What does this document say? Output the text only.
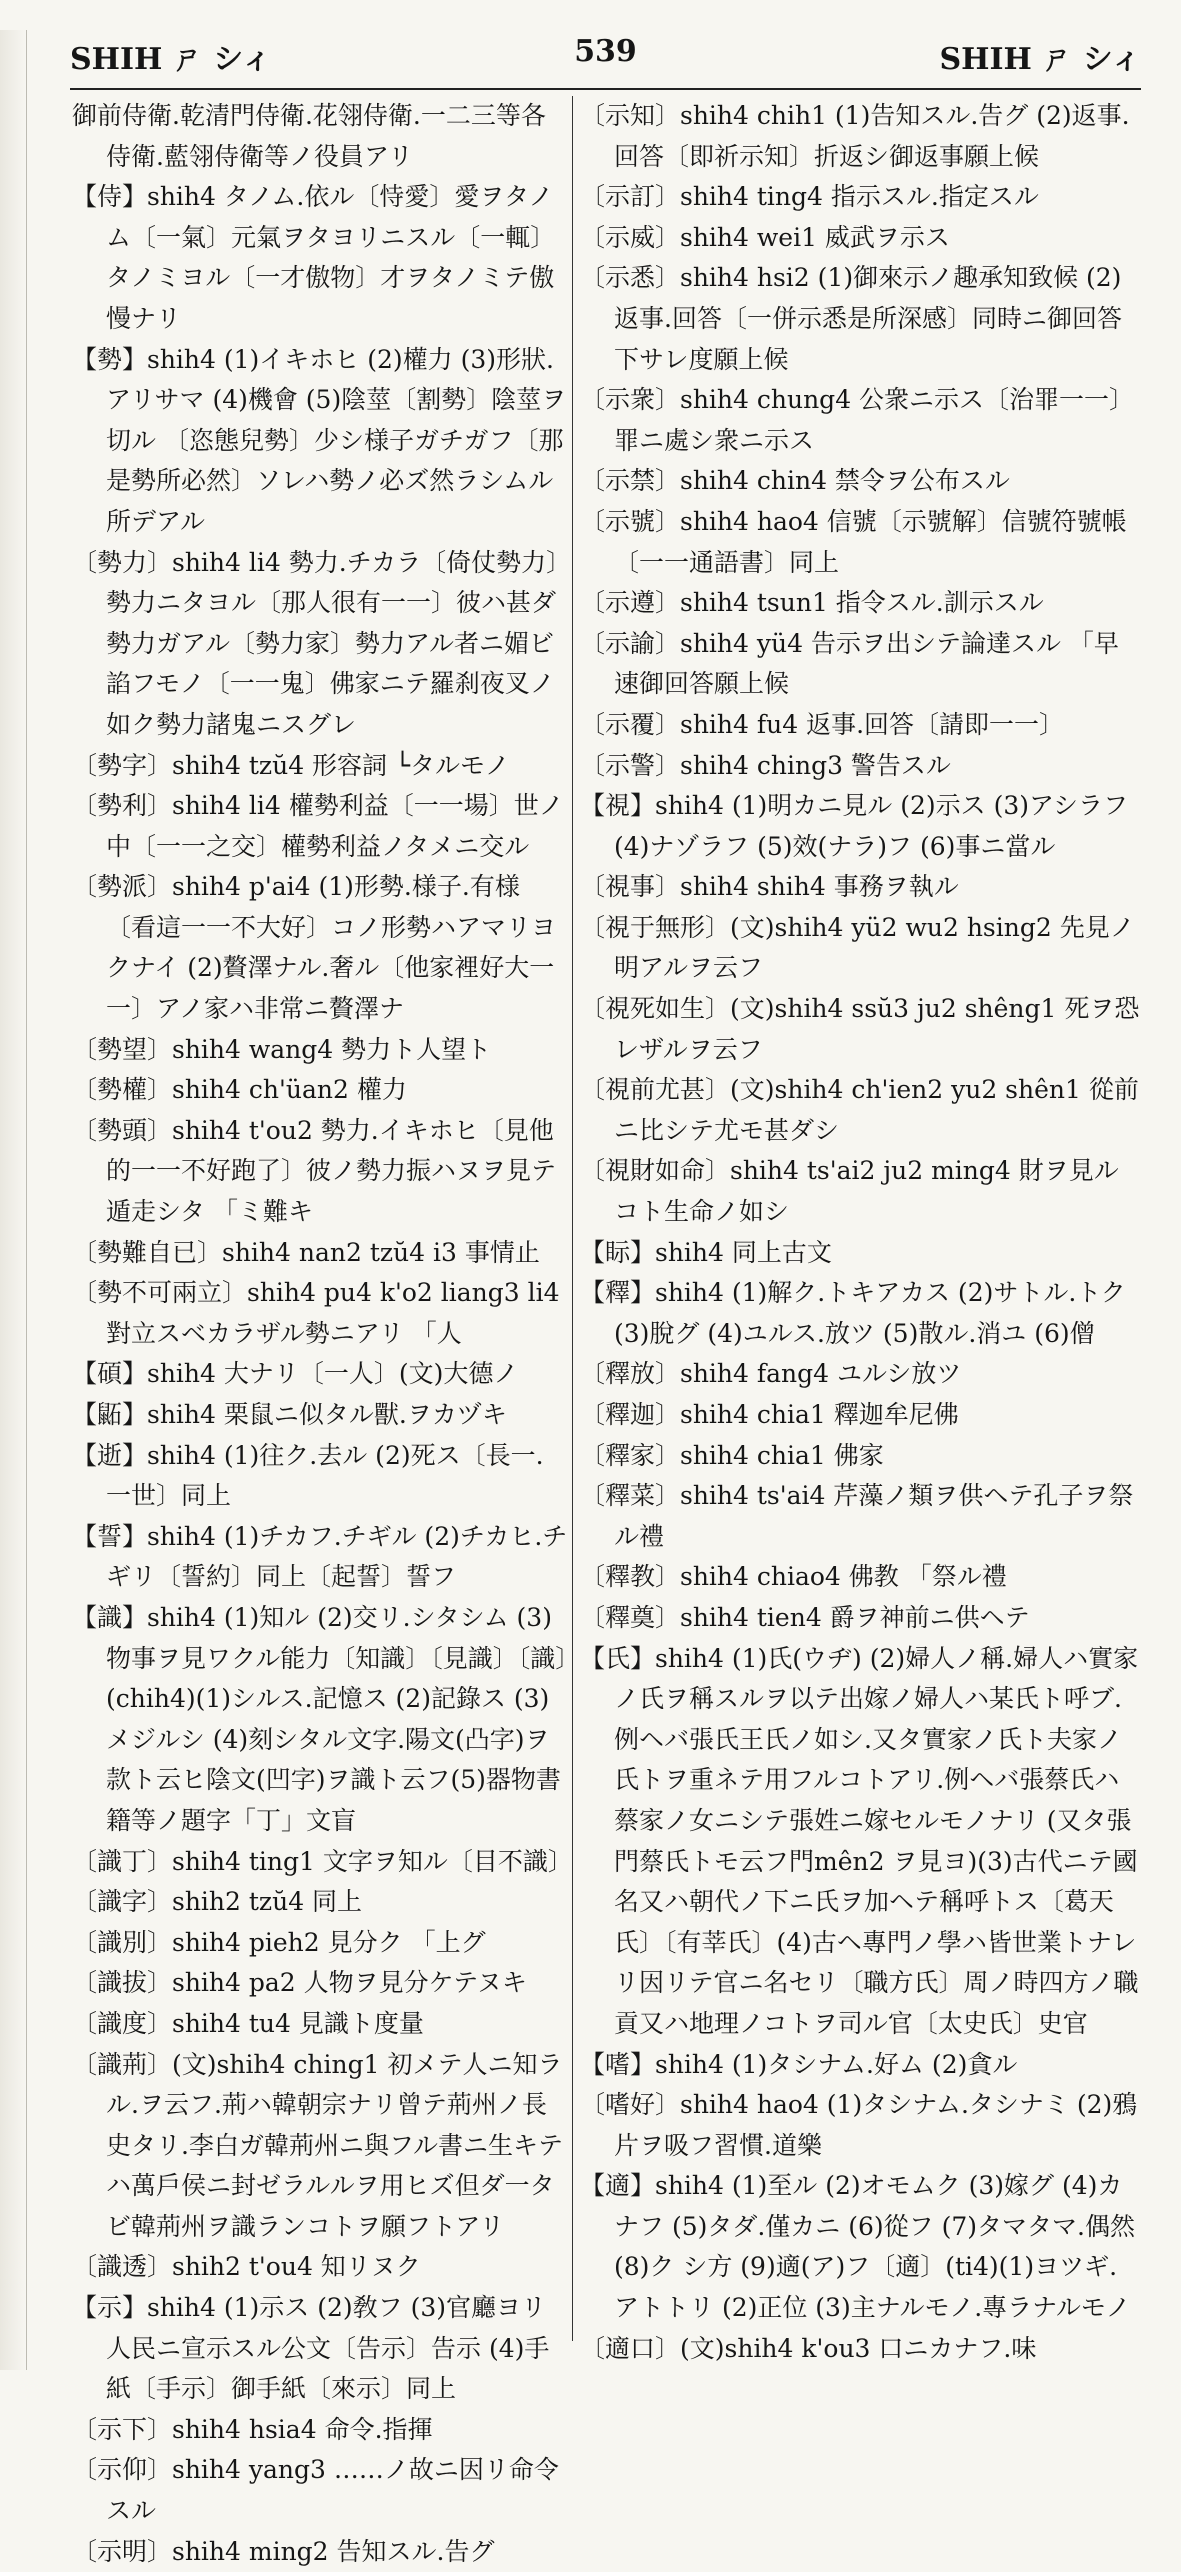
SHIH ㄕ シィ	539	SHIH ㄕ シィ

御前侍衛.乾清門侍衛.花翎侍衛.一二三等各侍衛.藍翎侍衛等ノ役員アリ

【侍】shih4 タノム.依ル〔恃愛〕愛ヲタノム〔一氣〕元氣ヲタヨリニスル〔一輒〕タノミヨル〔一才傲物〕才ヲタノミテ傲慢ナリ

【勢】shih4 (1)イキホヒ (2)權力 (3)形狀.アリサマ (4)機會 (5)陰莖〔割勢〕陰莖ヲ切ル 〔恣態兒勢〕少シ様子ガチガフ〔那是勢所必然〕ソレハ勢ノ必ズ然ラシムル所デアル

〔勢力〕shih4 li4 勢力.チカラ〔倚仗勢力〕勢力ニタヨル〔那人很有一一〕彼ハ甚ダ勢力ガアル〔勢力家〕勢力アル者ニ媚ビ諂フモノ〔一一鬼〕佛家ニテ羅刹夜叉ノ如ク勢力諸鬼ニスグレ

〔勢字〕shih4 tzŭ4 形容詞 └タルモノ

〔勢利〕shih4 li4 權勢利益〔一一場〕世ノ中〔一一之交〕權勢利益ノタメニ交ル

〔勢派〕shih4 p'ai4 (1)形勢.様子.有様〔看這一一不大好〕コノ形勢ハアマリヨクナイ (2)贅澤ナル.奢ル〔他家裡好大一一〕アノ家ハ非常ニ贅澤ナ

〔勢望〕shih4 wang4 勢力ト人望ト

〔勢權〕shih4 ch'üan2 權力

〔勢頭〕shih4 t'ou2 勢力.イキホヒ〔見他的一一不好跑了〕彼ノ勢力振ハヌヲ見テ遁走シタ 「ミ難キ

〔勢難自已〕shih4 nan2 tzŭ4 i3 事情止

〔勢不可兩立〕shih4 pu4 k'o2 liang3 li4 對立スベカラザル勢ニアリ 「人

【碩】shih4 大ナリ〔一人〕(文)大德ノ

【鼫】shih4 栗鼠ニ似タル獸.ヲカヅキ

【逝】shih4 (1)往ク.去ル (2)死ス〔長一.一世〕同上

【誓】shih4 (1)チカフ.チギル (2)チカヒ.チギリ〔誓約〕同上〔起誓〕誓フ

【識】shih4 (1)知ル (2)交リ.シタシム (3)物事ヲ見ワクル能力〔知識〕〔見識〕〔識〕(chih4)(1)シルス.記憶ス (2)記錄ス (3)メジルシ (4)刻シタル文字.陽文(凸字)ヲ款ト云ヒ陰文(凹字)ヲ識ト云フ(5)器物書籍等ノ題字「丁」文盲

〔識丁〕shih4 ting1 文字ヲ知ル〔目不識〕

〔識字〕shih2 tzŭ4 同上

〔識別〕shih4 pieh2 見分ク 「上グ

〔識拔〕shih4 pa2 人物ヲ見分ケテヌキ

〔識度〕shih4 tu4 見識ト度量

〔識荊〕(文)shih4 ching1 初メテ人ニ知ラル.ヲ云フ.荊ハ韓朝宗ナリ曾テ荊州ノ長史タリ.李白ガ韓荊州ニ與フル書ニ生キテハ萬戶侯ニ封ゼラルルヲ用ヒズ但ダ一タビ韓荊州ヲ識ランコトヲ願フトアリ

〔識透〕shih2 t'ou4 知リヌク

【示】shih4 (1)示ス (2)敎フ (3)官廳ヨリ人民ニ宣示スル公文〔告示〕告示 (4)手紙〔手示〕御手紙〔來示〕同上

〔示下〕shih4 hsia4 命令.指揮

〔示仰〕shih4 yang3 ……ノ故ニ因リ命令スル

〔示明〕shih4 ming2 告知スル.告グ

〔示知〕shih4 chih1 (1)告知スル.告グ (2)返事.回答〔即祈示知〕折返シ御返事願上候

〔示訂〕shih4 ting4 指示スル.指定スル

〔示威〕shih4 wei1 威武ヲ示ス

〔示悉〕shih4 hsi2 (1)御來示ノ趣承知致候 (2)返事.回答〔一併示悉是所深感〕同時ニ御回答下サレ度願上候

〔示衆〕shih4 chung4 公衆ニ示ス〔治罪一一〕罪ニ處シ衆ニ示ス

〔示禁〕shih4 chin4 禁令ヲ公布スル

〔示號〕shih4 hao4 信號〔示號解〕信號符號帳〔一一通語書〕同上

〔示遵〕shih4 tsun1 指令スル.訓示スル

〔示諭〕shih4 yü4 告示ヲ出シテ論達スル 「早速御回答願上候

〔示覆〕shih4 fu4 返事.回答〔請即一一〕

〔示警〕shih4 ching3 警告スル

【視】shih4 (1)明カニ見ル (2)示ス (3)アシラフ (4)ナゾラフ (5)效(ナラ)フ (6)事ニ當ル

〔視事〕shih4 shih4 事務ヲ執ル

〔視于無形〕(文)shih4 yü2 wu2 hsing2 先見ノ明アルヲ云フ

〔視死如生〕(文)shih4 ssŭ3 ju2 shêng1 死ヲ恐レザルヲ云フ

〔視前尤甚〕(文)shih4 ch'ien2 yu2 shên1 從前ニ比シテ尤モ甚ダシ

〔視財如命〕shih4 ts'ai2 ju2 ming4 財ヲ見ルコト生命ノ如シ

【眎】shih4 同上古文

【釋】shih4 (1)解ク.トキアカス (2)サトル.トク (3)脫グ (4)ユルス.放ツ (5)散ル.消ユ (6)僧

〔釋放〕shih4 fang4 ユルシ放ツ

〔釋迦〕shih4 chia1 釋迦牟尼佛

〔釋家〕shih4 chia1 佛家

〔釋菜〕shih4 ts'ai4 芹藻ノ類ヲ供ヘテ孔子ヲ祭ル禮

〔釋教〕shih4 chiao4 佛教 「祭ル禮

〔釋奠〕shih4 tien4 爵ヲ神前ニ供ヘテ

【氏】shih4 (1)氏(ウヂ) (2)婦人ノ稱.婦人ハ實家ノ氏ヲ稱スルヲ以テ出嫁ノ婦人ハ某氏ト呼ブ.例ヘバ張氏王氏ノ如シ.又タ實家ノ氏ト夫家ノ氏トヲ重ネテ用フルコトアリ.例ヘバ張蔡氏ハ蔡家ノ女ニシテ張姓ニ嫁セルモノナリ (又タ張門蔡氏トモ云フ門mên2 ヲ見ヨ)(3)古代ニテ國名又ハ朝代ノ下ニ氏ヲ加ヘテ稱呼トス〔葛天氏〕〔有莘氏〕(4)古ヘ專門ノ學ハ皆世業トナレリ因リテ官ニ名セリ〔職方氏〕周ノ時四方ノ職貢又ハ地理ノコトヲ司ル官〔太史氏〕史官

【嗜】shih4 (1)タシナム.好ム (2)貪ル

〔嗜好〕shih4 hao4 (1)タシナム.タシナミ (2)鴉片ヲ吸フ習慣.道樂

【適】shih4 (1)至ル (2)オモムク (3)嫁グ (4)カナフ (5)タダ.僅カニ (6)從フ (7)タマタマ.偶然 (8)ク シ方 (9)適(ア)フ〔適〕(ti4)(1)ヨツギ.アトトリ (2)正位 (3)主ナルモノ.專ラナルモノ

〔適口〕(文)shih4 k'ou3 口ニカナフ.味
